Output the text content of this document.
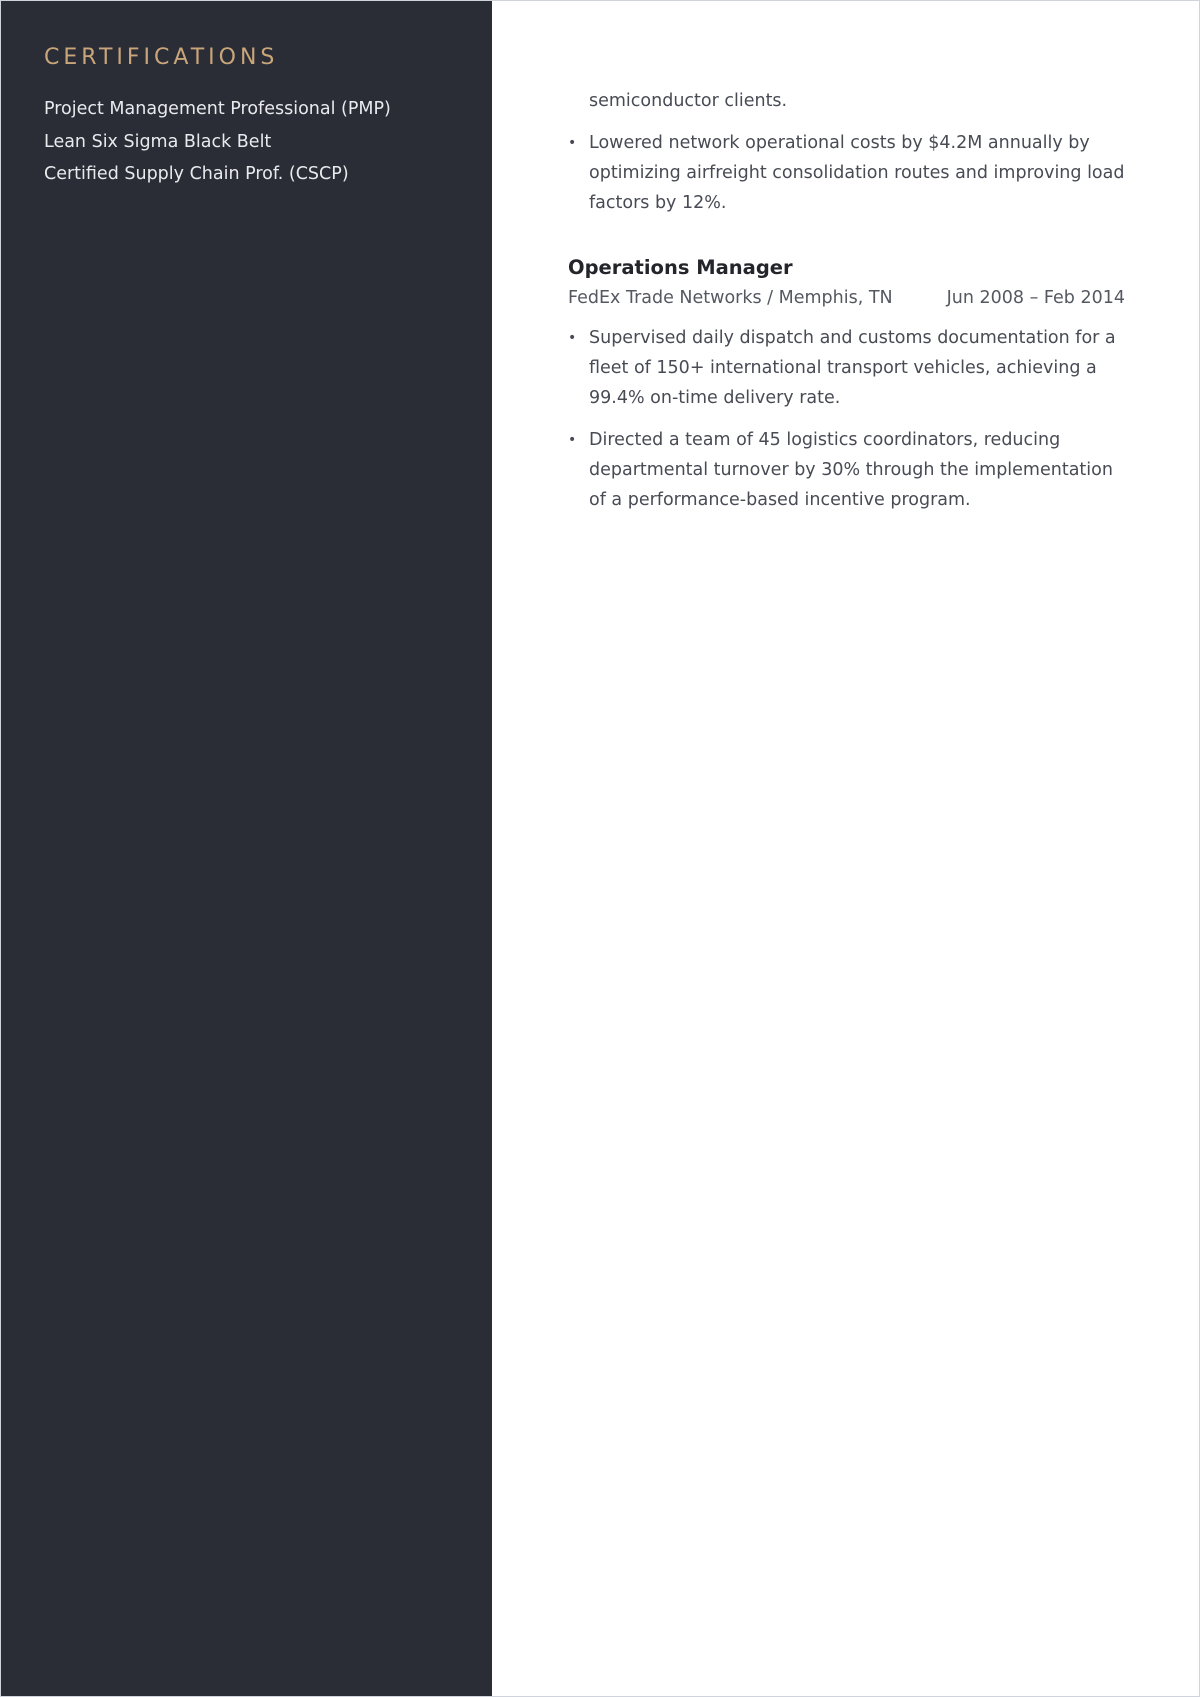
CERTIFICATIONS
Project Management Professional (PMP)
Lean Six Sigma Black Belt
Certified Supply Chain Prof. (CSCP)
semiconductor clients.
• Lowered network operational costs by $4.2M annually by optimizing airfreight consolidation routes and improving load factors by 12%.
Operations Manager
FedEx Trade Networks / Memphis, TN	Jun 2008 – Feb 2014
• Supervised daily dispatch and customs documentation for a fleet of 150+ international transport vehicles, achieving a 99.4% on-time delivery rate.
• Directed a team of 45 logistics coordinators, reducing departmental turnover by 30% through the implementation of a performance-based incentive program.
